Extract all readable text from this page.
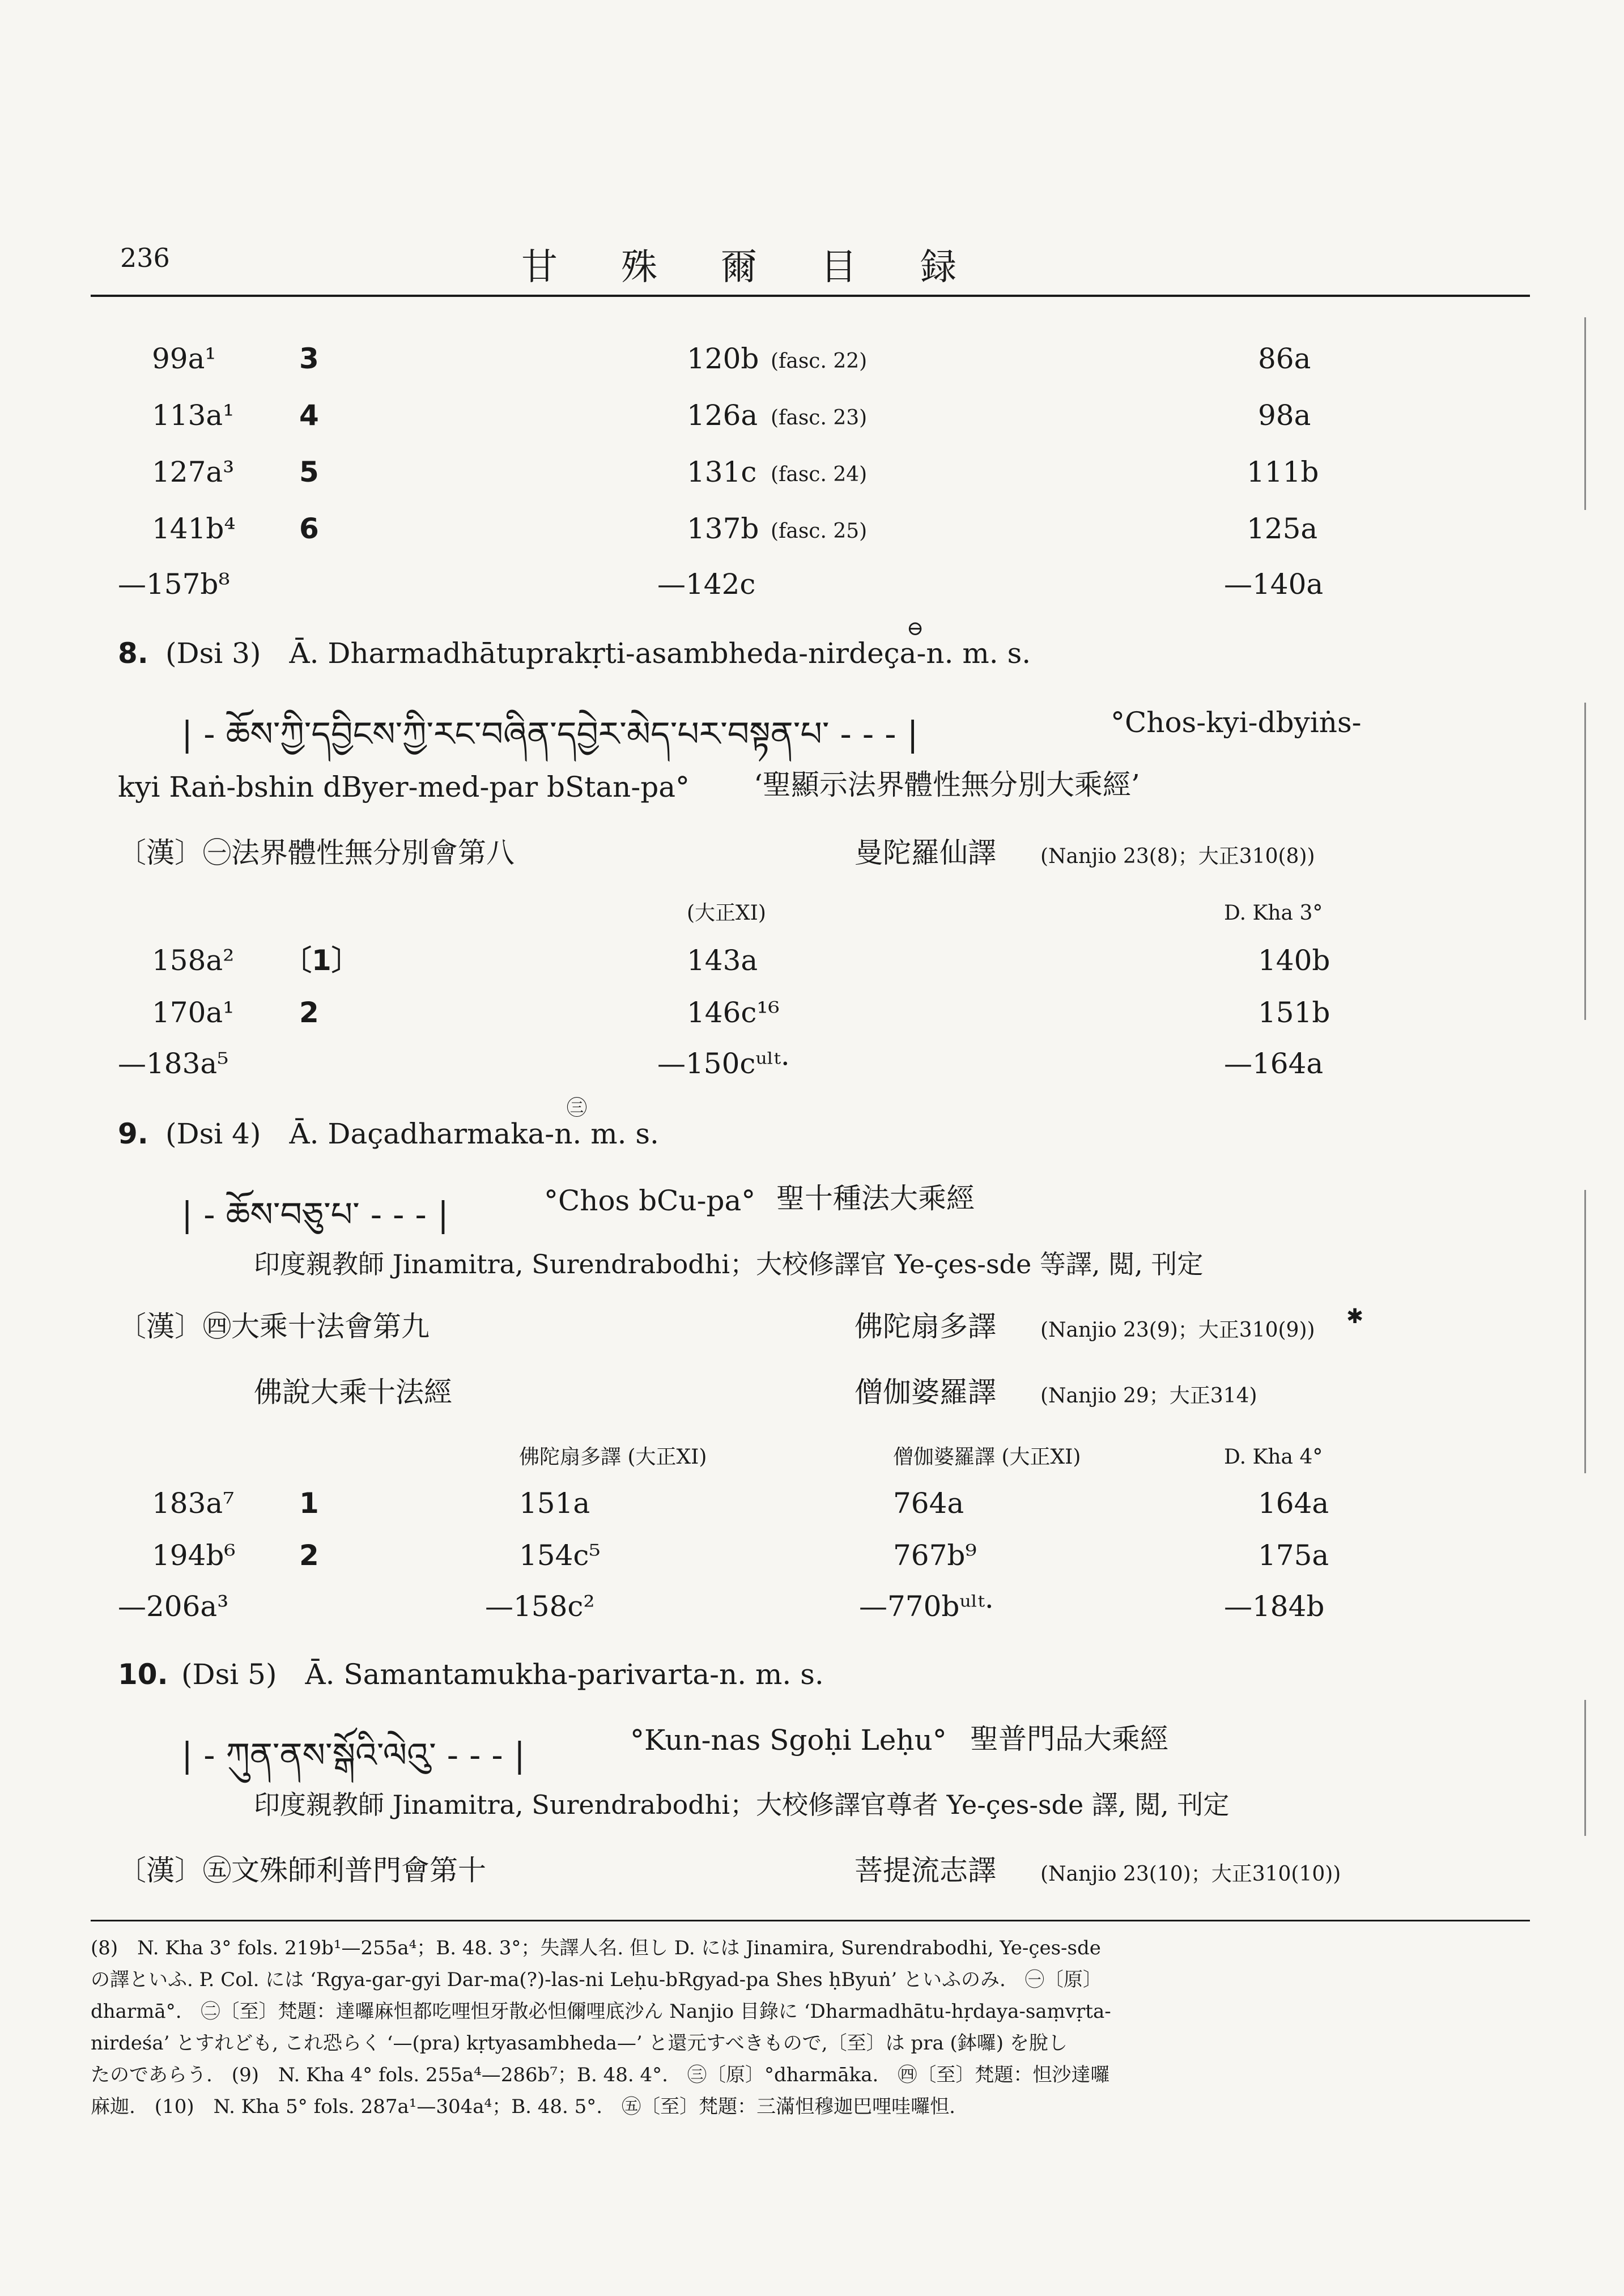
236	甘　殊　爾　目　録
99a¹	3	120b (fasc. 22)	86a
113a¹ 4	126a (fasc. 23)	98a
127a³ 5	131c (fasc. 24)	111b
141b⁴ 6	137b (fasc. 25)	125a
—157b⁸	—142c	—140a
⊖
8. (Dsi 3)　Ā. Dharmadhātuprakṛti-asambheda-nirdeça-n. m. s.
| - ཆོས་ཀྱི་དབྱིངས་ཀྱི་རང་བཞིན་དབྱེར་མེད་པར་བསྟན་པ་ - - - |	°Chos-kyi-dbyiṅs-
kyi Raṅ-bshin dByer-med-par bStan-pa° ‘聖顯示法界體性無分別大乘經’
〔漢〕㊀法界體性無分別會第八	曼陀羅仙譯 (Nanjio 23(8)；大正310(8))
(大正XI)	D. Kha 3°
158a² 〔1〕	143a	140b
170a¹ 2	146c¹⁶	151b
—183a⁵	—150cᵘˡᵗ·	—164a
㊂
9. (Dsi 4)　Ā. Daçadharmaka-n. m. s.
| - ཆོས་བཅུ་པ་ - - - |	°Chos bCu-pa° 聖十種法大乘經
印度親教師 Jinamitra, Surendrabodhi；大校修譯官 Ye-çes-sde 等譯, 閲, 刊定
〔漢〕㊃大乘十法會第九	佛陀扇多譯 (Nanjio 23(9)；大正310(9))
✱
佛說大乘十法經	僧伽婆羅譯 (Nanjio 29；大正314)
佛陀扇多譯 (大正XI)	僧伽婆羅譯 (大正XI)	D. Kha 4°
183a⁷ 1	151a	764a	164a
194b⁶ 2	154c⁵	767b⁹	175a
—206a³	—158c²	—770bᵘˡᵗ·	—184b
10. (Dsi 5)　Ā. Samantamukha-parivarta-n. m. s.
| - ཀུན་ནས་སྒོའི་ལེའུ་ - - - |	°Kun-nas Sgoḥi Leḥu° 聖普門品大乘經
印度親教師 Jinamitra, Surendrabodhi；大校修譯官尊者 Ye-çes-sde 譯, 閲, 刊定
〔漢〕㊄文殊師利普門會第十	菩提流志譯 (Nanjio 23(10)；大正310(10))
(8)　N. Kha 3° fols. 219b¹—255a⁴；B. 48. 3°；失譯人名. 但し D. には Jinamira, Surendrabodhi, Ye-çes-sde
の譯といふ. P. Col. には ‘Rgya-gar-gyi Dar-ma(?)-las-ni Leḥu-bRgyad-pa Shes ḥByuṅ’ といふのみ.　㊀〔原〕
dharmā°.　㊁〔至〕梵題：達囉麻怛都吃哩怛牙散必怛儞哩底沙ん Nanjio 目錄に ‘Dharmadhātu-hṛdaya-saṃvṛta-
nirdeśa’ とすれども, これ恐らく ‘—(pra) kṛtyasambheda—’ と還元すべきもので,〔至〕は pra (鉢囉) を脫し
たのであらう.　(9)　N. Kha 4° fols. 255a⁴—286b⁷；B. 48. 4°.　㊂〔原〕°dharmāka.　㊃〔至〕梵題：怛沙達囉
麻迦.　(10)　N. Kha 5° fols. 287a¹—304a⁴；B. 48. 5°.　㊄〔至〕梵題：三滿怛穆迦巴哩哇囉怛.
